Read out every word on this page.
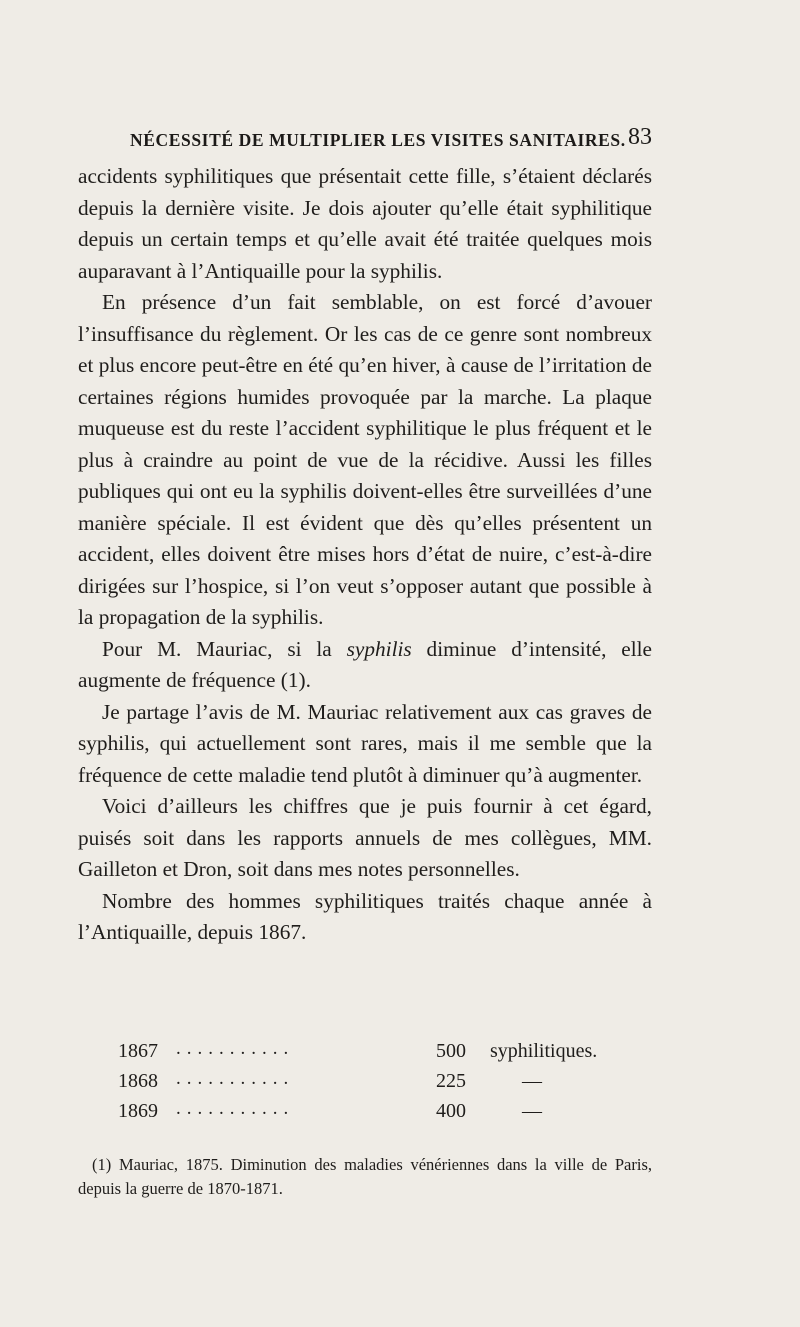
NÉCESSITÉ DE MULTIPLIER LES VISITES SANITAIRES. 83

accidents syphilitiques que présentait cette fille, s’étaient déclarés depuis la dernière visite. Je dois ajouter qu’elle était syphilitique depuis un certain temps et qu’elle avait été traitée quelques mois auparavant à l’Antiquaille pour la syphilis.

En présence d’un fait semblable, on est forcé d’avouer l’insuffisance du règlement. Or les cas de ce genre sont nombreux et plus encore peut-être en été qu’en hiver, à cause de l’irritation de certaines régions humides provoquée par la marche. La plaque muqueuse est du reste l’accident syphilitique le plus fréquent et le plus à craindre au point de vue de la récidive. Aussi les filles publiques qui ont eu la syphilis doivent-elles être surveillées d’une manière spéciale. Il est évident que dès qu’elles présentent un accident, elles doivent être mises hors d’état de nuire, c’est-à-dire dirigées sur l’hospice, si l’on veut s’opposer autant que possible à la propagation de la syphilis.

Pour M. Mauriac, si la syphilis diminue d’intensité, elle augmente de fréquence (1).

Je partage l’avis de M. Mauriac relativement aux cas graves de syphilis, qui actuellement sont rares, mais il me semble que la fréquence de cette maladie tend plutôt à diminuer qu’à augmenter.

Voici d’ailleurs les chiffres que je puis fournir à cet égard, puisés soit dans les rapports annuels de mes collègues, MM. Gailleton et Dron, soit dans mes notes personnelles.

Nombre des hommes syphilitiques traités chaque année à l’Antiquaille, depuis 1867.

1867 ...........	500 syphilitiques.
1868 ...........	225	—
1869 ...........	400	—

(1) Mauriac, 1875. Diminution des maladies vénériennes dans la ville de Paris, depuis la guerre de 1870-1871.
